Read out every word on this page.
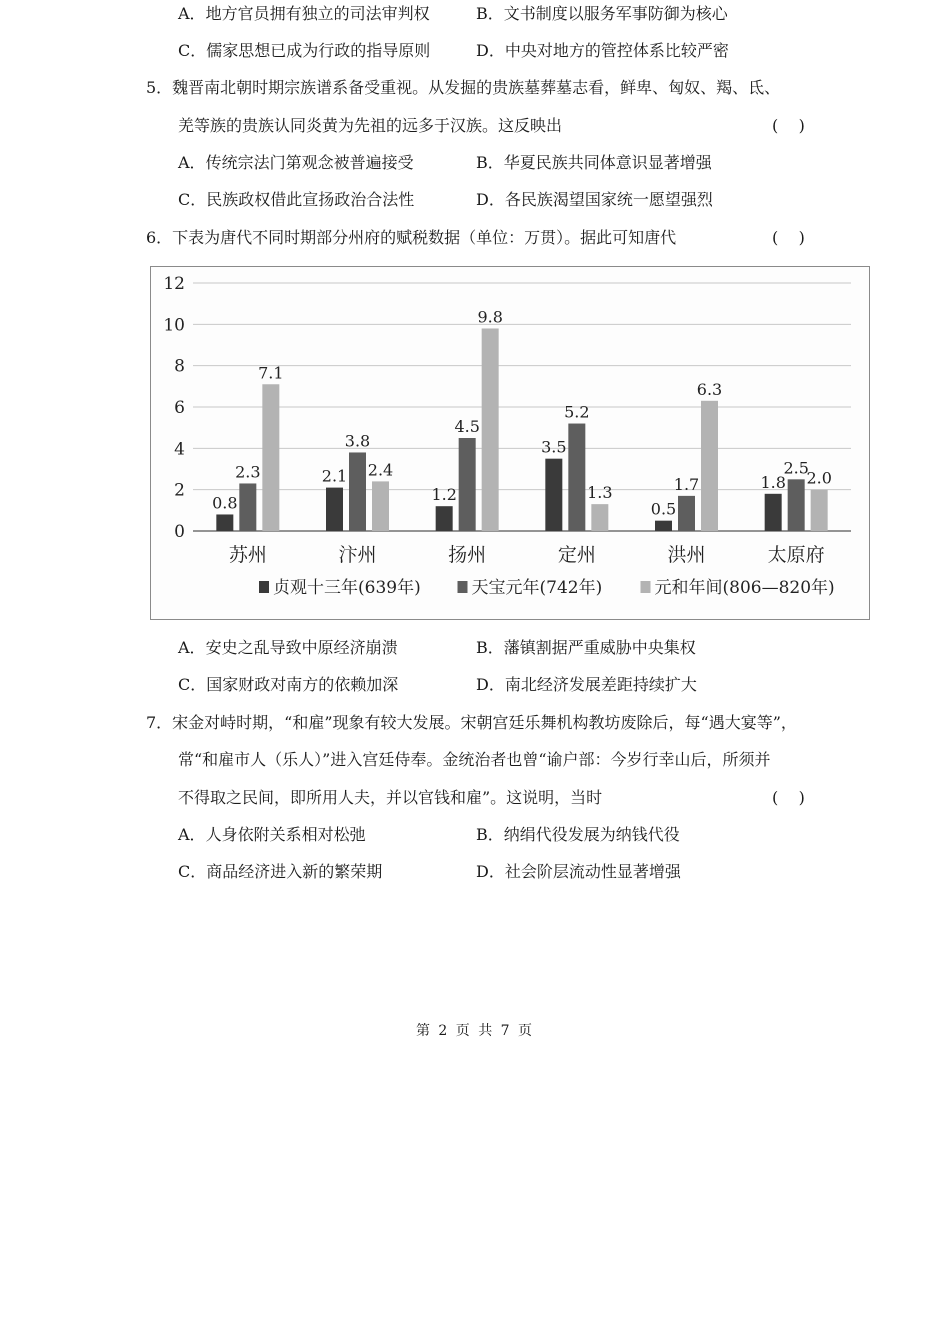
A．地方官员拥有独立的司法审判权	B．文书制度以服务军事防御为核心
C．儒家思想已成为行政的指导原则	D．中央对地方的管控体系比较严密
5．魏晋南北朝时期宗族谱系备受重视。从发掘的贵族墓葬墓志看，鲜卑、匈奴、羯、氐、
羌等族的贵族认同炎黄为先祖的远多于汉族。这反映出	(    )
A．传统宗法门第观念被普遍接受	B．华夏民族共同体意识显著增强
C．民族政权借此宣扬政治合法性	D．各民族渴望国家统一愿望强烈
6．下表为唐代不同时期部分州府的赋税数据（单位：万贯）。据此可知唐代	(    )
0
2
4
6
8
10
12
0.8
2.3
7.1
苏州
2.1
3.8
2.4
汴州
1.2
4.5
9.8
扬州
3.5
5.2
1.3
定州
0.5
1.7
6.3
洪州
1.8
2.5
2.0
太原府
贞观十三年(639年)	天宝元年(742年)	元和年间(806—820年)
A．安史之乱导致中原经济崩溃	B．藩镇割据严重威胁中央集权
C．国家财政对南方的依赖加深	D．南北经济发展差距持续扩大
7．宋金对峙时期，“和雇”现象有较大发展。宋朝宫廷乐舞机构教坊废除后，每“遇大宴等”，
常“和雇市人（乐人）”进入宫廷侍奉。金统治者也曾“谕户部：今岁行幸山后，所须并
不得取之民间，即所用人夫，并以官钱和雇”。这说明，当时	(    )
A．人身依附关系相对松弛	B．纳绢代役发展为纳钱代役
C．商品经济进入新的繁荣期	D．社会阶层流动性显著增强
第 2 页 共 7 页
